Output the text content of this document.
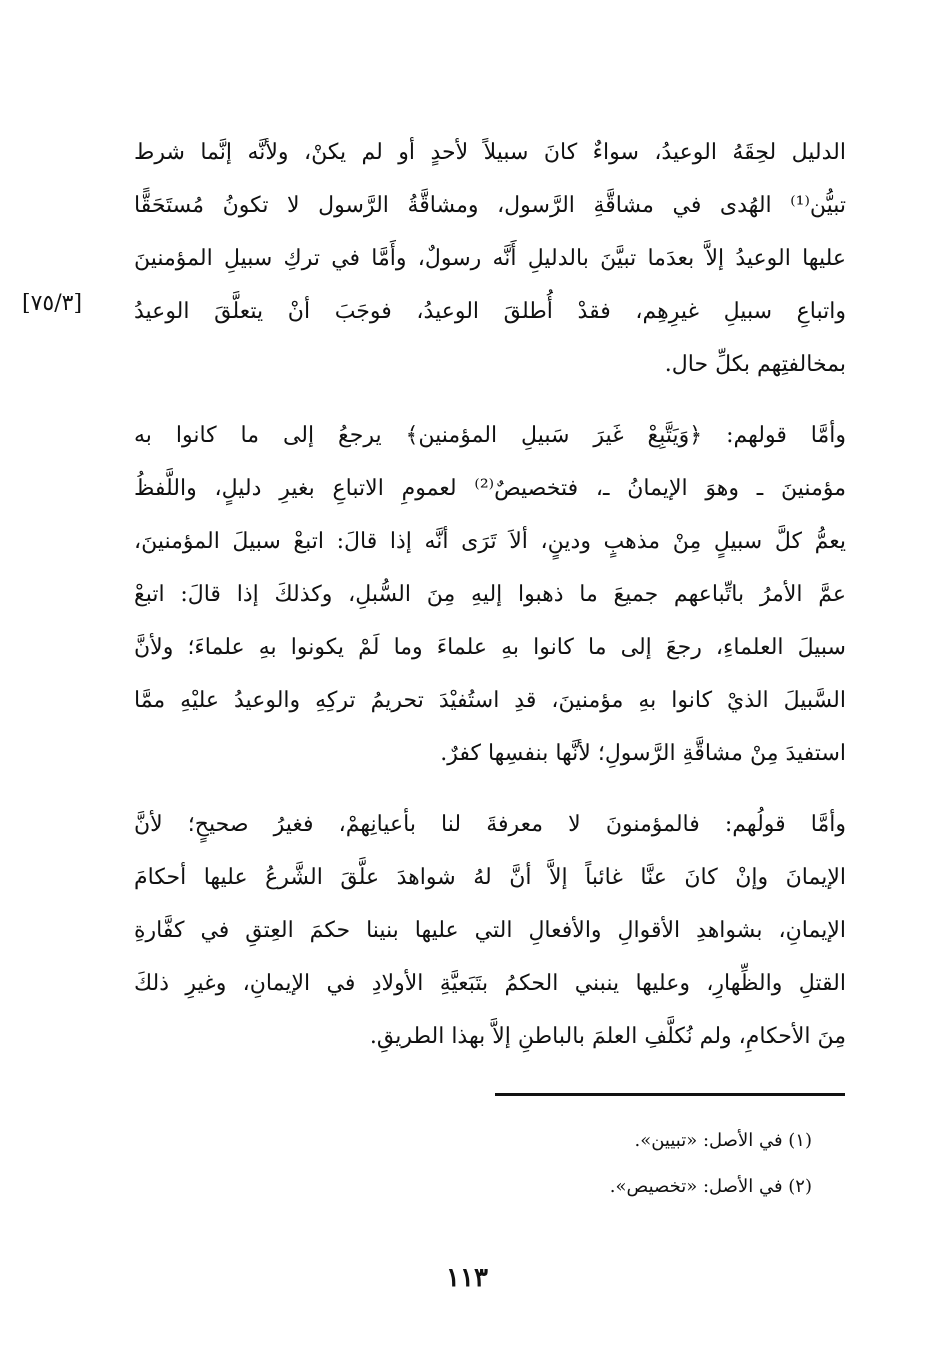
الدليل لحِقَهُ الوعيدُ، سواءٌ كانَ سبيلاً لأحدٍ أو لم يكنْ، ولأنَّه إنَّما شرط
تبيُّن⁽¹⁾ الهُدى في مشاقَّةِ الرَّسول، ومشاقَّةُ الرَّسول لا تكونُ مُستَحَقًّا
عليها الوعيدُ إلاَّ بعدَما تبيَّنَ بالدليلِ أَنَّه رسولٌ، وأَمَّا في تركِ سبيلِ المؤمنينَ
واتباعِ سبيلِ غيرِهِم، فقدْ أُطلقَ الوعيدُ، فوجَبَ أنْ يتعلَّقَ الوعيدُ
بمخالفتِهم بكلِّ حال.
وأمَّا قولهم: ﴿وَيَتَّبِعْ غَيرَ سَبيلِ المؤمنين﴾ يرجعُ إلى ما كانوا به
مؤمنينَ ـ وهوَ الإيمانُ ـ، فتخصيصٌ⁽²⁾ لعمومِ الاتباعِ بغيرِ دليلٍ، واللَّفظُ
يعمُّ كلَّ سبيلٍ مِنْ مذهبٍ ودينٍ، ألاَ تَرَى أنَّه إذا قالَ: اتبعْ سبيلَ المؤمنينَ،
عمَّ الأمرُ باتِّباعهم جميعَ ما ذهبوا إليهِ مِنَ السُّبلِ، وكذلكَ إذا قالَ: اتبعْ
سبيلَ العلماءِ، رجعَ إلى ما كانوا بهِ علماءَ وما لَمْ يكونوا بهِ علماءَ؛ ولأنَّ
السَّبيلَ الذيْ كانوا بهِ مؤمنينَ، قدِ استُفيْدَ تحريمُ تركِهِ والوعيدُ عليْهِ ممَّا
استفيدَ مِنْ مشاقَّةِ الرَّسولِ؛ لأنَّها بنفسِها كفرٌ.
وأمَّا قولُهم: فالمؤمنونَ لا معرفةَ لنا بأعيانِهمْ، فغيرُ صحيحٍ؛ لأنَّ
الإيمانَ وإنْ كانَ عنَّا غائباً إلاَّ أنَّ لهُ شواهدَ علَّقَ الشَّرعُ عليها أحكامَ
الإيمانِ، بشواهدِ الأقوالِ والأفعالِ التي عليها بنينا حكمَ العِتقِ في كفَّارةِ
القتلِ والظِّهارِ، وعليها ينبني الحكمُ بتَبَعيَّةِ الأولادِ في الإيمانِ، وغيرِ ذلكَ
مِنَ الأحكامِ، ولم نُكلَّفِ العلمَ بالباطنِ إلاَّ بهذا الطريقِ.
[٧٥/٣]
(١) في الأصل: «تبيين».
(٢) في الأصل: «تخصيص».
١١٣
